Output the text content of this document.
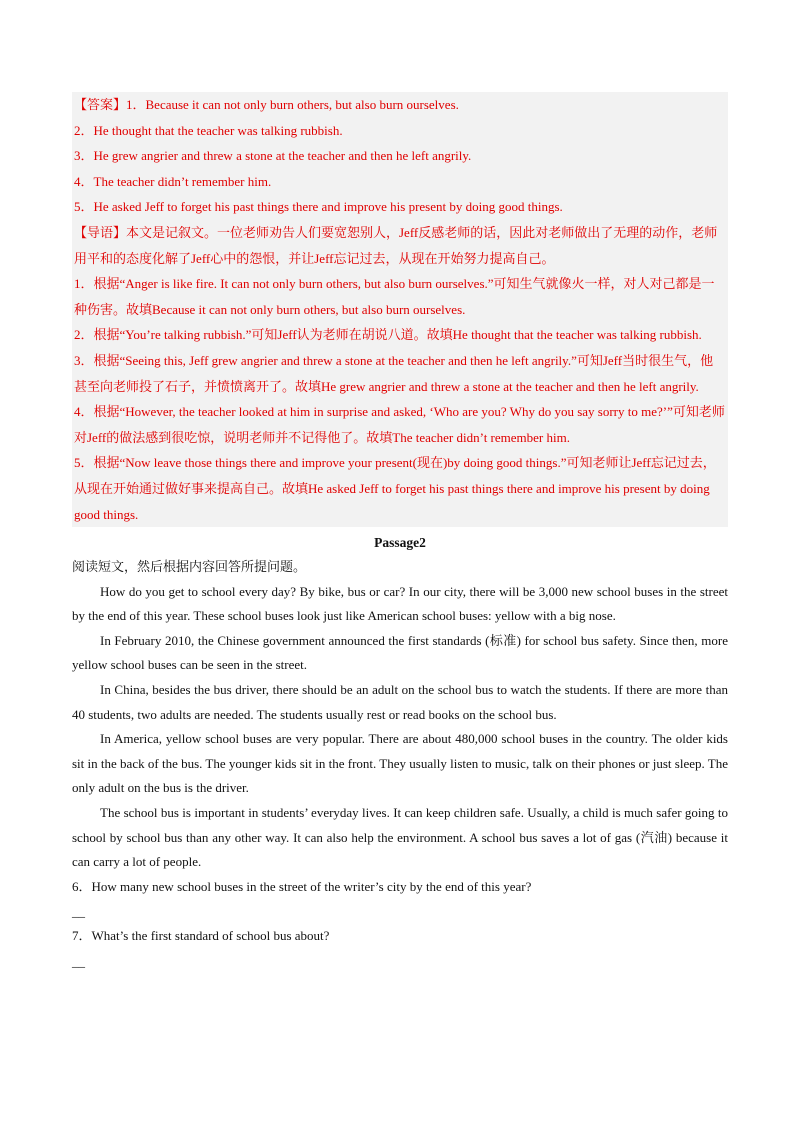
【答案】1．Because it can not only burn others, but also burn ourselves.

2．He thought that the teacher was talking rubbish.

3．He grew angrier and threw a stone at the teacher and then he left angrily.

4．The teacher didn’t remember him.

5．He asked Jeff to forget his past things there and improve his present by doing good things.

【导语】本文是记叙文。一位老师劝告人们要宽恕别人，Jeff反感老师的话，因此对老师做出了无理的动作，老师用平和的态度化解了Jeff心中的怨恨，并让Jeff忘记过去，从现在开始努力提高自己。

1．根据“Anger is like fire. It can not only burn others, but also burn ourselves.”可知生气就像火一样，对人对己都是一种伤害。故填Because it can not only burn others, but also burn ourselves.

2．根据“You’re talking rubbish.”可知Jeff认为老师在胡说八道。故填He thought that the teacher was talking rubbish.

3．根据“Seeing this, Jeff grew angrier and threw a stone at the teacher and then he left angrily.”可知Jeff当时很生气，他甚至向老师投了石子，并愤愤离开了。故填He grew angrier and threw a stone at the teacher and then he left angrily.

4．根据“However, the teacher looked at him in surprise and asked, ‘Who are you? Why do you say sorry to me?’”可知老师对Jeff的做法感到很吃惊，说明老师并不记得他了。故填The teacher didn’t remember him.

5．根据“Now leave those things there and improve your present(现在)by doing good things.”可知老师让Jeff忘记过去，从现在开始通过做好事来提高自己。故填He asked Jeff to forget his past things there and improve his present by doing good things.

Passage2

阅读短文，然后根据内容回答所提问题。

How do you get to school every day? By bike, bus or car? In our city, there will be 3,000 new school buses in the street by the end of this year. These school buses look just like American school buses: yellow with a big nose.

In February 2010, the Chinese government announced the first standards (标准) for school bus safety. Since then, more yellow school buses can be seen in the street.

In China, besides the bus driver, there should be an adult on the school bus to watch the students. If there are more than 40 students, two adults are needed. The students usually rest or read books on the school bus.

In America, yellow school buses are very popular. There are about 480,000 school buses in the country. The older kids sit in the back of the bus. The younger kids sit in the front. They usually listen to music, talk on their phones or just sleep. The only adult on the bus is the driver.

The school bus is important in students’ everyday lives. It can keep children safe. Usually, a child is much safer going to school by school bus than any other way. It can also help the environment. A school bus saves a lot of gas (汽油) because it can carry a lot of people.

6．How many new school buses in the street of the writer’s city by the end of this year?

__

7．What’s the first standard of school bus about?

__
